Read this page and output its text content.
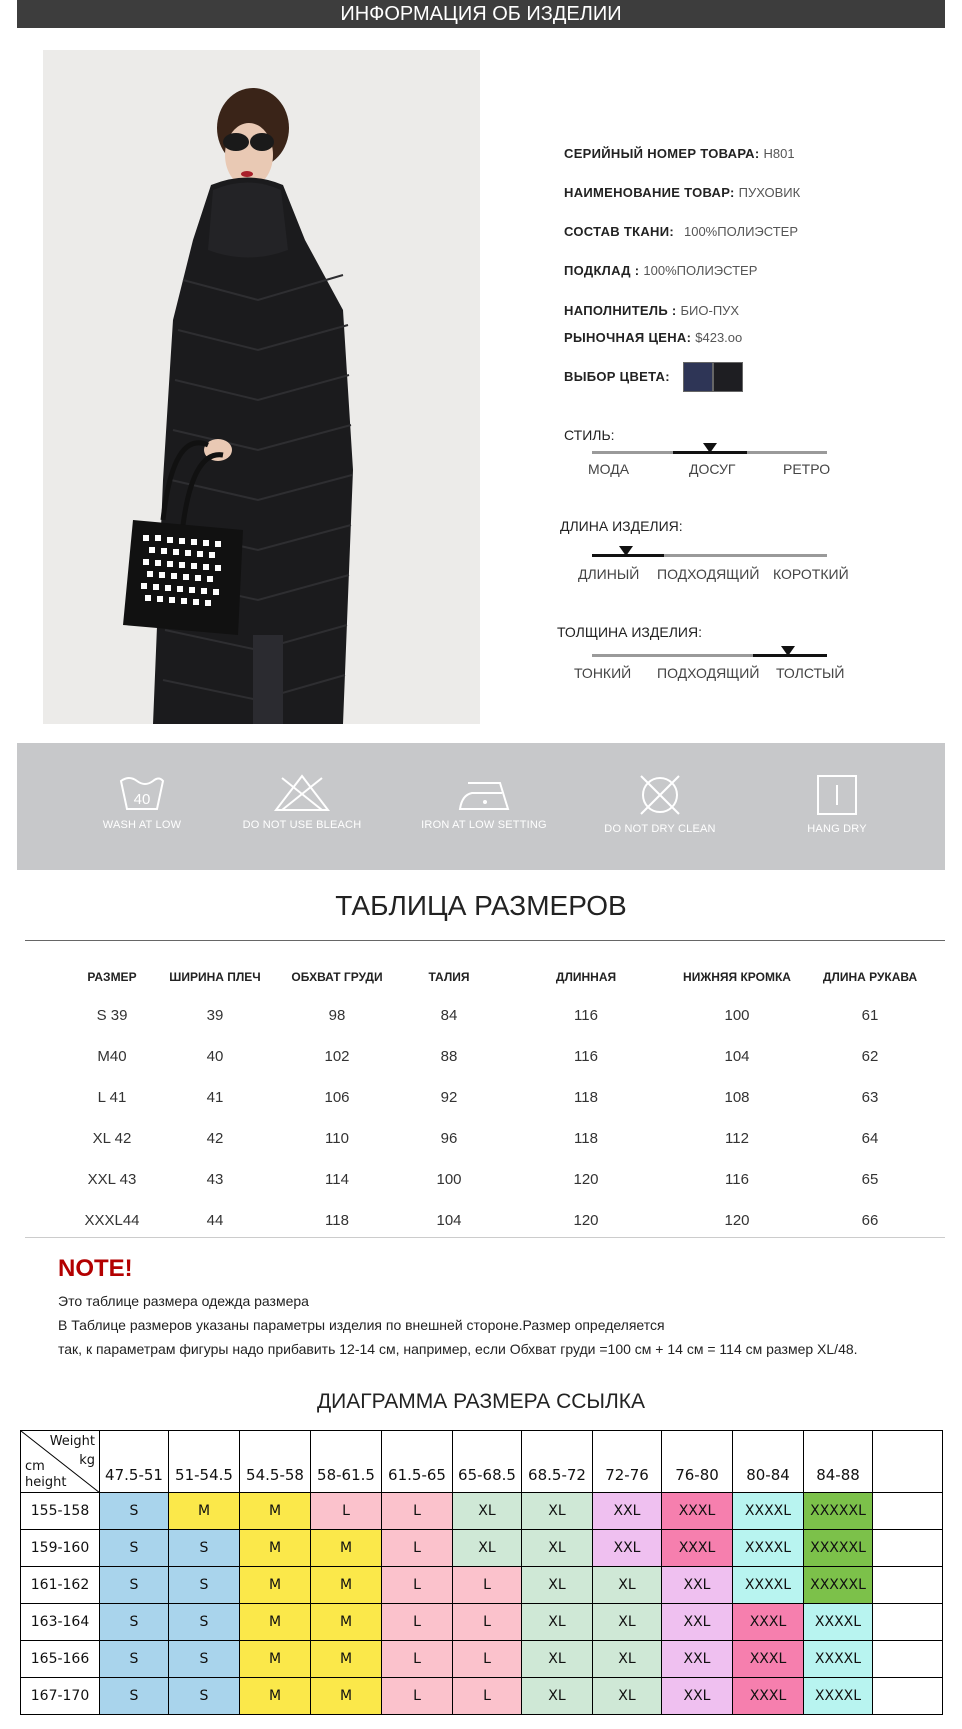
ИНФОРМАЦИЯ ОБ ИЗДЕЛИИ
СЕРИЙНЫЙ НОМЕР ТОВАРА: H801
НАИМЕНОВАНИЕ ТОВАР: ПУХОВИК
СОСТАВ ТКАНИ: 100%ПОЛИЭСТЕР
ПОДКЛАД : 100%ПОЛИЭСТЕР
НАПОЛНИТЕЛЬ : БИО-ПУХ
РЫНОЧНАЯ ЦЕНА: $423.oo
ВЫБОР ЦВЕТА:
СТИЛЬ:
МОДА	ДОСУГ	РЕТРО
ДЛИНА ИЗДЕЛИЯ:
ДЛИНЫЙ ПОДХОДЯЩИЙ КОРОТКИЙ
ТОЛЩИНА ИЗДЕЛИЯ:
ТОНКИЙ ПОДХОДЯЩИЙ ТОЛСТЫЙ
40
WASH AT LOW	DO NOT USE BLEACH	IRON AT LOW SETTING	DO NOT DRY CLEAN	HANG DRY
ТАБЛИЦА РАЗМЕРОВ
РАЗМЕР	ШИРИНА ПЛЕЧ	ОБХВАТ ГРУДИ	ТАЛИЯ	ДЛИННАЯ	НИЖНЯЯ КРОМКА	ДЛИНА РУКАВА
S 39	39	98	84	116	100	61
M40	40	102	88	116	104	62
L 41	41	106	92	118	108	63
XL 42	42	110	96	118	112	64
XXL 43	43	114	100	120	116	65
XXXL44	44	118	104	120	120	66
NOTE!
Это таблице размера одежда размера
В Таблице размеров указаны параметры изделия по внешней стороне.Размер определяется
так, к параметрам фигуры надо прибавить 12-14 см, например, если Обхват груди =100 см + 14 см = 114 см размер XL/48.
ДИАГРАММА РАЗМЕРА ССЫЛКА
Weight
kg
cm
height	47.5-51	51-54.5	54.5-58	58-61.5	61.5-65	65-68.5	68.5-72	72-76	76-80	80-84	84-88	
155-158	S	M	M	L	L	XL	XL	XXL	XXXL	XXXXL	XXXXXL	
159-160	S	S	M	M	L	XL	XL	XXL	XXXL	XXXXL	XXXXXL	
161-162	S	S	M	M	L	L	XL	XL	XXL	XXXXL	XXXXXL	
163-164	S	S	M	M	L	L	XL	XL	XXL	XXXL	XXXXL	
165-166	S	S	M	M	L	L	XL	XL	XXL	XXXL	XXXXL	
167-170	S	S	M	M	L	L	XL	XL	XXL	XXXL	XXXXL	
